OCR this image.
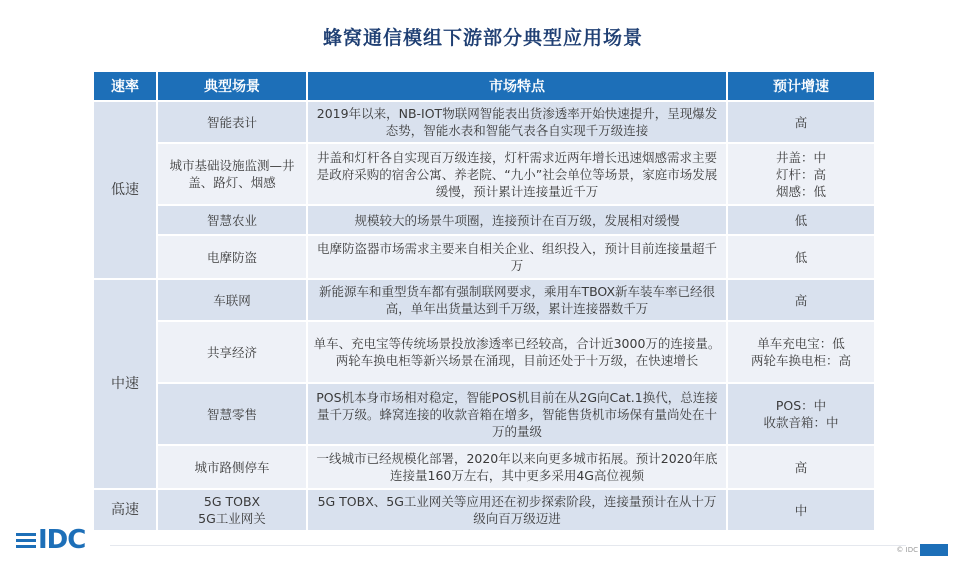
蜂窝通信模组下游部分典型应用场景
速率	典型场景	市场特点	预计增速
低速	智能表计	2019年以来，NB-IOT物联网智能表出货渗透率开始快速提升，呈现爆发态势，智能水表和智能气表各自实现千万级连接	高
	城市基础设施监测—井盖、路灯、烟感	井盖和灯杆各自实现百万级连接，灯杆需求近两年增长迅速烟感需求主要是政府采购的宿舍公寓、养老院、“九小”社会单位等场景，家庭市场发展缓慢，预计累计连接量近千万	井盖：中
灯杆：高
烟感：低
	智慧农业	规模较大的场景牛项圈，连接预计在百万级，发展相对缓慢	低
	电摩防盗	电摩防盗器市场需求主要来自相关企业、组织投入，预计目前连接量超千万	低
中速	车联网	新能源车和重型货车都有强制联网要求，乘用车TBOX新车装车率已经很高，单年出货量达到千万级，累计连接器数千万	高
	共享经济	单车、充电宝等传统场景投放渗透率已经较高，合计近3000万的连接量。两轮车换电柜等新兴场景在涌现，目前还处于十万级，在快速增长	单车充电宝：低
两轮车换电柜：高
	智慧零售	POS机本身市场相对稳定，智能POS机目前在从2G向Cat.1换代，总连接量千万级。蜂窝连接的收款音箱在增多，智能售货机市场保有量尚处在十万的量级	POS：中
收款音箱：中
	城市路侧停车	一线城市已经规模化部署，2020年以来向更多城市拓展。预计2020年底连接量160万左右，其中更多采用4G高位视频	高
高速	5G TOBX
5G工业网关	5G TOBX、5G工业网关等应用还在初步探索阶段，连接量预计在从十万级向百万级迈进	中
IDC	© IDC
